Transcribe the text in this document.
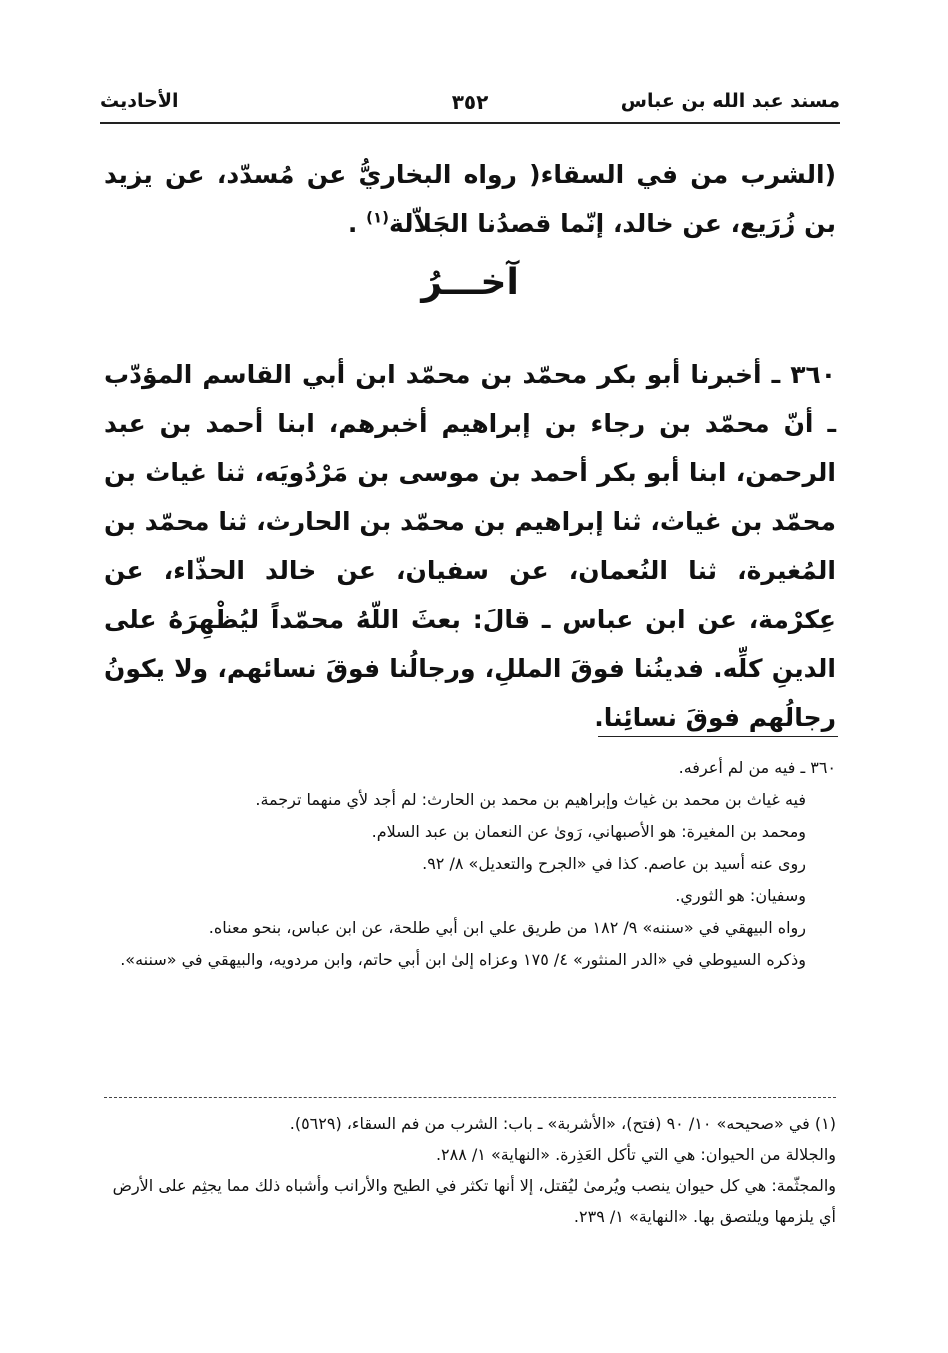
مسند عبد الله بن عباس
٣٥٢
الأحاديث
(الشرب من في السقاء( رواه البخاريُّ عن مُسدّد، عن يزيد بن زُرَيع، عن خالد، إنّما قصدُنا الجَلاّلة$^{(١)}$ .
آخـــرُ
٣٦٠ ـ أخبرنا أبو بكر محمّد بن محمّد ابن أبي القاسم المؤدّب ـ أنّ محمّد بن رجاء بن إبراهيم أخبرهم، ابنا أحمد بن عبد الرحمن، ابنا أبو بكر أحمد بن موسى بن مَرْدُويَه، ثنا غياث بن محمّد بن غياث، ثنا إبراهيم بن محمّد بن الحارث، ثنا محمّد بن المُغيرة، ثنا النُعمان، عن سفيان، عن خالد الحذّاء، عن عِكرْمة، عن ابن عباس ـ قالَ: بعثَ اللّهُ محمّداً ليُظْهِرَهُ على الدينِ كلِّه. فدينُنا فوقَ المللِ، ورجالُنا فوقَ نسائهم، ولا يكونُ رجالُهم فوقَ نسائِنا.
٣٦٠ ـ فيه من لم أعرفه.
فيه غياث بن محمد بن غياث وإبراهيم بن محمد بن الحارث: لم أجد لأي منهما ترجمة.
ومحمد بن المغيرة: هو الأصبهاني، رَوىٰ عن النعمان بن عبد السلام.
روى عنه أسيد بن عاصم. كذا في «الجرح والتعديل» ٨/ ٩٢.
وسفيان: هو الثوري.
رواه البيهقي في «سننه» ٩/ ١٨٢ من طريق علي ابن أبي طلحة، عن ابن عباس، بنحو معناه.
وذكره السيوطي في «الدر المنثور» ٤/ ١٧٥ وعزاه إلىٰ ابن أبي حاتم، وابن مردويه، والبيهقي في «سننه».
(١) في «صحيحه» ١٠/ ٩٠ (فتح)، «الأشربة» ـ باب: الشرب من فم السقاء، (٥٦٢٩).
والجلالة من الحيوان: هي التي تأكل العَذِرة. «النهاية» ١/ ٢٨٨.
والمجثّمة: هي كل حيوان ينصب ويُرمىٰ ليُقتل، إلا أنها تكثر في الطيح والأرانب وأشباه ذلك مما يجثِم على الأرض أي يلزمها ويلتصق بها. «النهاية» ١/ ٢٣٩.
